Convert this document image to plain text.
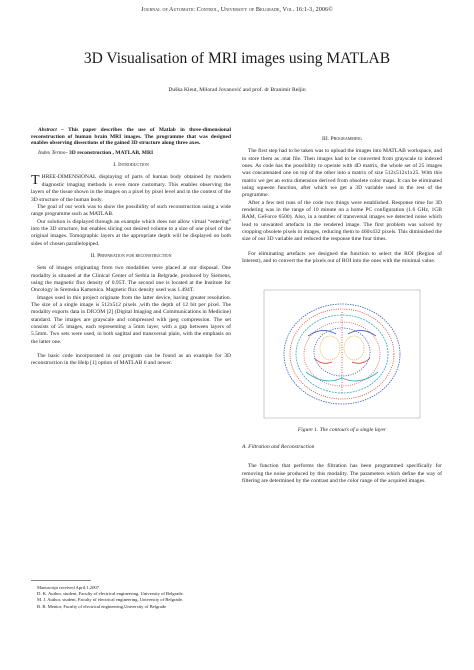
Journal of Automatic Control, University of Belgrade, Vol. 16:1-3, 2006©
3D Visualisation of MRI images using MATLAB
Duška Kleut, Milorad Jovanović and prof. dr Branimir Reljin

Abstract – This paper describes the use of Matlab in three-dimensional reconstruction of human brain MRI images. The programme that was designed enables observing dissections of the gained 3D structure along three axes.

Index Terms– 3D reconstruction , MATLAB, MRI

I. Introduction

THREE-DIMENSIONAL displaying of parts of human body obtained by modern diagnostic imaging methods is even more customary. This enables observing the layers of the tissue shown in the images on a pixel by pixel level and in the context of the 3D structure of the human body.

The goal of our work was to show the possibility of such reconstruction using a wide range programme such as MATLAB.

Our solution is displayed through an example which does not allow virtual “entering” into the 3D structure, but enables slicing out desired volume to a size of one pixel of the original images. Tomographic layers at the appropriate depth will be displayed on both sides of chosen parallelopiped.

II. Preparation for reconstruction

Sets of images originating from two modalities were placed at our disposal. One modality is situated at the Clinical Center of Serbia in Belgrade, produced by Siemens, using the magnetic flux density of 0.95T. The second one is located at the Institute for Oncology in Sremska Kamenica. Magnetic flux density used was 1.494T.

Images used in this project originate from the latter device, having greater resolution. The size of a single image is 512x512 pixels ,with the depth of 12 bit per pixel. The modality exports data in DICOM [2] (Digital Imaging and Communications in Medicine) standard. The images are grayscale and compressed with jpeg compression. The set consists of 25 images, each representing a 5mm layer, with a gap between layers of 5.5mm. Two sets were used, in both sagittal and transversal plain, with the emphasis on the latter one.

The basic code incorporated in our program can be found as an example for 3D reconstruction in the Help [1] option of MATLAB 6 and newer.

III. Programming

The first step had to be taken was to upload the images into MATLAB workspace, and to store them as .mat file. Then images had to be converted from grayscale to indexed ones. As code has the possibility to operate with 4D matrix, the whole set of 25 images was concatenated one on top of the other into a matrix of size 512x512x1x25. With this matrix we get an extra dimension derived from obsolete color maps. It can be eliminated using squeeze function, after which we get a 3D variable used in the rest of the programme.

After a few test runs of the code two things were established. Response time for 3D rendering was in the range of 10 minute on a home PC configuration (1.6 GHz, 1GB RAM, GeForce 6500). Also, in a number of transversal images we detected noise which lead to unwanted artefacts in the rendered image. The first problem was solved by cropping obsolete pixels in images, reducing them to 460x432 pixels. This diminished the size of our 3D variable and reduced the response time four times.

For eliminating artefacts we designed the function to select the ROI (Region of Interest), and to convert the the pixels out of ROI into the ones with the minimal value.

Figure 1. The contours of a single layer

A. Filtration and Reconstruction

The function that performs the filtration has been programmed specifically for removing the noise produced by this modality. The parameters which define the way of filtering are determined by the contrast and the color range of the acquired images.

Manuscript received April,1,2007.

D. K. Author, student, Faculty of electrical engineering, University of Belgrade.

M. J. Author, student, Faculty of electrical engineering, University of Belgrade.

B. R. Mentor, Faculty of electrical engineering,University of Belgrade
